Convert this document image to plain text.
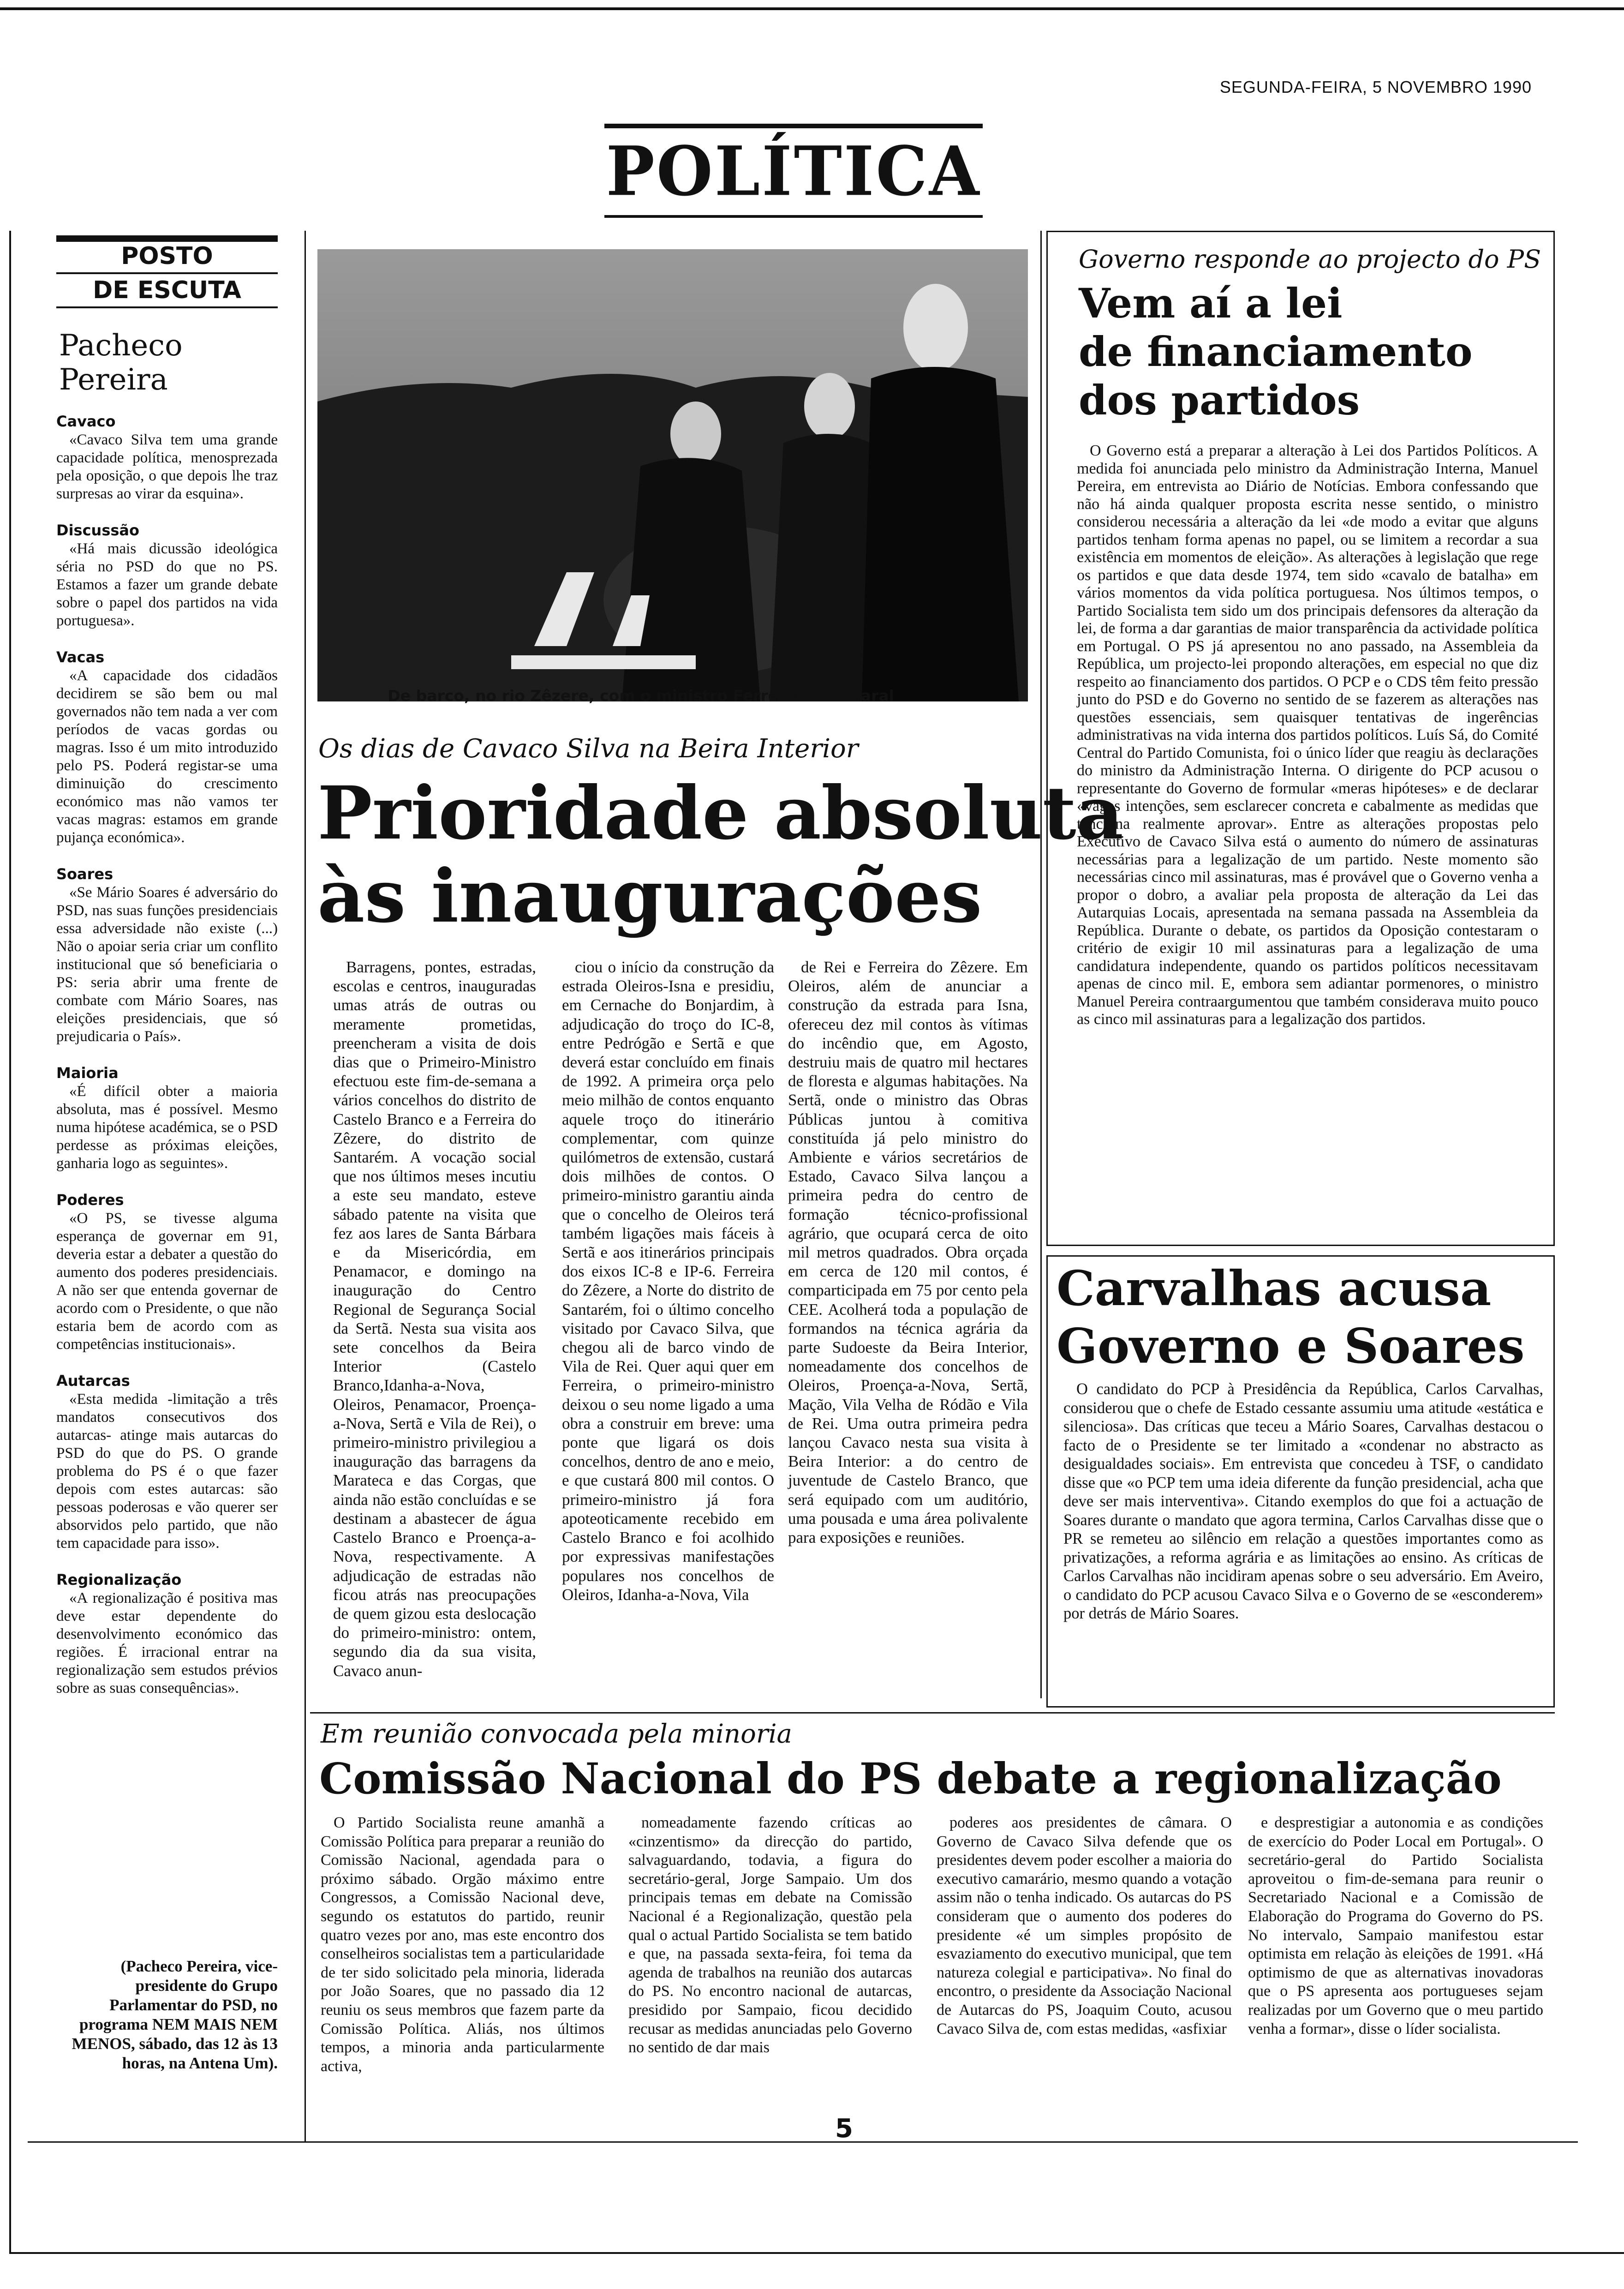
SEGUNDA-FEIRA, 5 NOVEMBRO 1990
POLÍTICA
POSTO
DE ESCUTA
Pacheco Pereira
Cavaco
«Cavaco Silva tem uma grande capacidade política, menosprezada pela oposição, o que depois lhe traz surpresas ao virar da esquina».
Discussão
«Há mais dicussão ideológica séria no PSD do que no PS. Estamos a fazer um grande debate sobre o papel dos partidos na vida portuguesa».
Vacas
«A capacidade dos cidadãos decidirem se são bem ou mal governados não tem nada a ver com períodos de vacas gordas ou magras. Isso é um mito introduzido pelo PS. Poderá registar-se uma diminuição do crescimento económico mas não vamos ter vacas magras: estamos em grande pujança económica».
Soares
«Se Mário Soares é adversário do PSD, nas suas funções presidenciais essa adversidade não existe (...) Não o apoiar seria criar um conflito institucional que só beneficiaria o PS: seria abrir uma frente de combate com Mário Soares, nas eleições presidenciais, que só prejudicaria o País».
Maioria
«É difícil obter a maioria absoluta, mas é possível. Mesmo numa hipótese académica, se o PSD perdesse as próximas eleições, ganharia logo as seguintes».
Poderes
«O PS, se tivesse alguma esperança de governar em 91, deveria estar a debater a questão do aumento dos poderes presidenciais. A não ser que entenda governar de acordo com o Presidente, o que não estaria bem de acordo com as competências institucionais».
Autarcas
«Esta medida -limitação a três mandatos consecutivos dos autarcas- atinge mais autarcas do PSD do que do PS. O grande problema do PS é o que fazer depois com estes autarcas: são pessoas poderosas e vão querer ser absorvidos pelo partido, que não tem capacidade para isso».
Regionalização
«A regionalização é positiva mas deve estar dependente do desenvolvimento económico das regiões. É irracional entrar na regionalização sem estudos prévios sobre as suas consequências».
(Pacheco Pereira, vice-presidente do Grupo Parlamentar do PSD, no programa NEM MAIS NEM MENOS, sábado, das 12 às 13 horas, na Antena Um).
De barco, no rio Zêzere, com o ministro Ferreira de Amaral
Os dias de Cavaco Silva na Beira Interior
Prioridade absoluta
às inaugurações
Barragens, pontes, estradas, escolas e centros, inauguradas umas atrás de outras ou meramente prometidas, preencheram a visita de dois dias que o Primeiro-Ministro efectuou este fim-de-semana a vários concelhos do distrito de Castelo Branco e a Ferreira do Zêzere, do distrito de Santarém. A vocação social que nos últimos meses incutiu a este seu mandato, esteve sábado patente na visita que fez aos lares de Santa Bárbara e da Misericórdia, em Penamacor, e domingo na inauguração do Centro Regional de Segurança Social da Sertã. Nesta sua visita aos sete concelhos da Beira Interior (Castelo Branco,Idanha-a-Nova, Oleiros, Penamacor, Proença-a-Nova, Sertã e Vila de Rei), o primeiro-ministro privilegiou a inauguração das barragens da Marateca e das Corgas, que ainda não estão concluídas e se destinam a abastecer de água Castelo Branco e Proença-a-Nova, respectivamente. A adjudicação de estradas não ficou atrás nas preocupações de quem gizou esta deslocação do primeiro-ministro: ontem, segundo dia da sua visita, Cavaco anun-
ciou o início da construção da estrada Oleiros-Isna e presidiu, em Cernache do Bonjardim, à adjudicação do troço do IC-8, entre Pedrógão e Sertã e que deverá estar concluído em finais de 1992. A primeira orça pelo meio milhão de contos enquanto aquele troço do itinerário complementar, com quinze quilómetros de extensão, custará dois milhões de contos. O primeiro-ministro garantiu ainda que o concelho de Oleiros terá também ligações mais fáceis à Sertã e aos itinerários principais dos eixos IC-8 e IP-6. Ferreira do Zêzere, a Norte do distrito de Santarém, foi o último concelho visitado por Cavaco Silva, que chegou ali de barco vindo de Vila de Rei. Quer aqui quer em Ferreira, o primeiro-ministro deixou o seu nome ligado a uma obra a construir em breve: uma ponte que ligará os dois concelhos, dentro de ano e meio, e que custará 800 mil contos. O primeiro-ministro já fora apoteoticamente recebido em Castelo Branco e foi acolhido por expressivas manifestações populares nos concelhos de Oleiros, Idanha-a-Nova, Vila
de Rei e Ferreira do Zêzere. Em Oleiros, além de anunciar a construção da estrada para Isna, ofereceu dez mil contos às vítimas do incêndio que, em Agosto, destruiu mais de quatro mil hectares de floresta e algumas habitações. Na Sertã, onde o ministro das Obras Públicas juntou à comitiva constituída já pelo ministro do Ambiente e vários secretários de Estado, Cavaco Silva lançou a primeira pedra do centro de formação técnico-profissional agrário, que ocupará cerca de oito mil metros quadrados. Obra orçada em cerca de 120 mil contos, é comparticipada em 75 por cento pela CEE. Acolherá toda a população de formandos na técnica agrária da parte Sudoeste da Beira Interior, nomeadamente dos concelhos de Oleiros, Proença-a-Nova, Sertã, Mação, Vila Velha de Ródão e Vila de Rei. Uma outra primeira pedra lançou Cavaco nesta sua visita à Beira Interior: a do centro de juventude de Castelo Branco, que será equipado com um auditório, uma pousada e uma área polivalente para exposições e reuniões.
Governo responde ao projecto do PS
Vem aí a lei
de financiamento
dos partidos
O Governo está a preparar a alteração à Lei dos Partidos Políticos. A medida foi anunciada pelo ministro da Administração Interna, Manuel Pereira, em entrevista ao Diário de Notícias. Embora confessando que não há ainda qualquer proposta escrita nesse sentido, o ministro considerou necessária a alteração da lei «de modo a evitar que alguns partidos tenham forma apenas no papel, ou se limitem a recordar a sua existência em momentos de eleição». As alterações à legislação que rege os partidos e que data desde 1974, tem sido «cavalo de batalha» em vários momentos da vida política portuguesa. Nos últimos tempos, o Partido Socialista tem sido um dos principais defensores da alteração da lei, de forma a dar garantias de maior transparência da actividade política em Portugal. O PS já apresentou no ano passado, na Assembleia da República, um projecto-lei propondo alterações, em especial no que diz respeito ao financiamento dos partidos. O PCP e o CDS têm feito pressão junto do PSD e do Governo no sentido de se fazerem as alterações nas questões essenciais, sem quaisquer tentativas de ingerências administrativas na vida interna dos partidos políticos. Luís Sá, do Comité Central do Partido Comunista, foi o único líder que reagiu às declarações do ministro da Administração Interna. O dirigente do PCP acusou o representante do Governo de formular «meras hipóteses» e de declarar «vagas intenções, sem esclarecer concreta e cabalmente as medidas que tenciona realmente aprovar». Entre as alterações propostas pelo Executivo de Cavaco Silva está o aumento do número de assinaturas necessárias para a legalização de um partido. Neste momento são necessárias cinco mil assinaturas, mas é provável que o Governo venha a propor o dobro, a avaliar pela proposta de alteração da Lei das Autarquias Locais, apresentada na semana passada na Assembleia da República. Durante o debate, os partidos da Oposição contestaram o critério de exigir 10 mil assinaturas para a legalização de uma candidatura independente, quando os partidos políticos necessitavam apenas de cinco mil. E, embora sem adiantar pormenores, o ministro Manuel Pereira contraargumentou que também considerava muito pouco as cinco mil assinaturas para a legalização dos partidos.
Carvalhas acusa
Governo e Soares
O candidato do PCP à Presidência da República, Carlos Carvalhas, considerou que o chefe de Estado cessante assumiu uma atitude «estática e silenciosa». Das críticas que teceu a Mário Soares, Carvalhas destacou o facto de o Presidente se ter limitado a «condenar no abstracto as desigualdades sociais». Em entrevista que concedeu à TSF, o candidato disse que «o PCP tem uma ideia diferente da função presidencial, acha que deve ser mais interventiva». Citando exemplos do que foi a actuação de Soares durante o mandato que agora termina, Carlos Carvalhas disse que o PR se remeteu ao silêncio em relação a questões importantes como as privatizações, a reforma agrária e as limitações ao ensino. As críticas de Carlos Carvalhas não incidiram apenas sobre o seu adversário. Em Aveiro, o candidato do PCP acusou Cavaco Silva e o Governo de se «esconderem» por detrás de Mário Soares.
Em reunião convocada pela minoria
Comissão Nacional do PS debate a regionalização
O Partido Socialista reune amanhã a Comissão Política para preparar a reunião do Comissão Nacional, agendada para o próximo sábado. Orgão máximo entre Congressos, a Comissão Nacional deve, segundo os estatutos do partido, reunir quatro vezes por ano, mas este encontro dos conselheiros socialistas tem a particularidade de ter sido solicitado pela minoria, liderada por João Soares, que no passado dia 12 reuniu os seus membros que fazem parte da Comissão Política. Aliás, nos últimos tempos, a minoria anda particularmente activa,
nomeadamente fazendo críticas ao «cinzentismo» da direcção do partido, salvaguardando, todavia, a figura do secretário-geral, Jorge Sampaio. Um dos principais temas em debate na Comissão Nacional é a Regionalização, questão pela qual o actual Partido Socialista se tem batido e que, na passada sexta-feira, foi tema da agenda de trabalhos na reunião dos autarcas do PS. No encontro nacional de autarcas, presidido por Sampaio, ficou decidido recusar as medidas anunciadas pelo Governo no sentido de dar mais
poderes aos presidentes de câmara. O Governo de Cavaco Silva defende que os presidentes devem poder escolher a maioria do executivo camarário, mesmo quando a votação assim não o tenha indicado. Os autarcas do PS consideram que o aumento dos poderes do presidente «é um simples propósito de esvaziamento do executivo municipal, que tem natureza colegial e participativa». No final do encontro, o presidente da Associação Nacional de Autarcas do PS, Joaquim Couto, acusou Cavaco Silva de, com estas medidas, «asfixiar
e desprestigiar a autonomia e as condições de exercício do Poder Local em Portugal». O secretário-geral do Partido Socialista aproveitou o fim-de-semana para reunir o Secretariado Nacional e a Comissão de Elaboração do Programa do Governo do PS. No intervalo, Sampaio manifestou estar optimista em relação às eleições de 1991. «Há optimismo de que as alternativas inovadoras que o PS apresenta aos portugueses sejam realizadas por um Governo que o meu partido venha a formar», disse o líder socialista.
5
